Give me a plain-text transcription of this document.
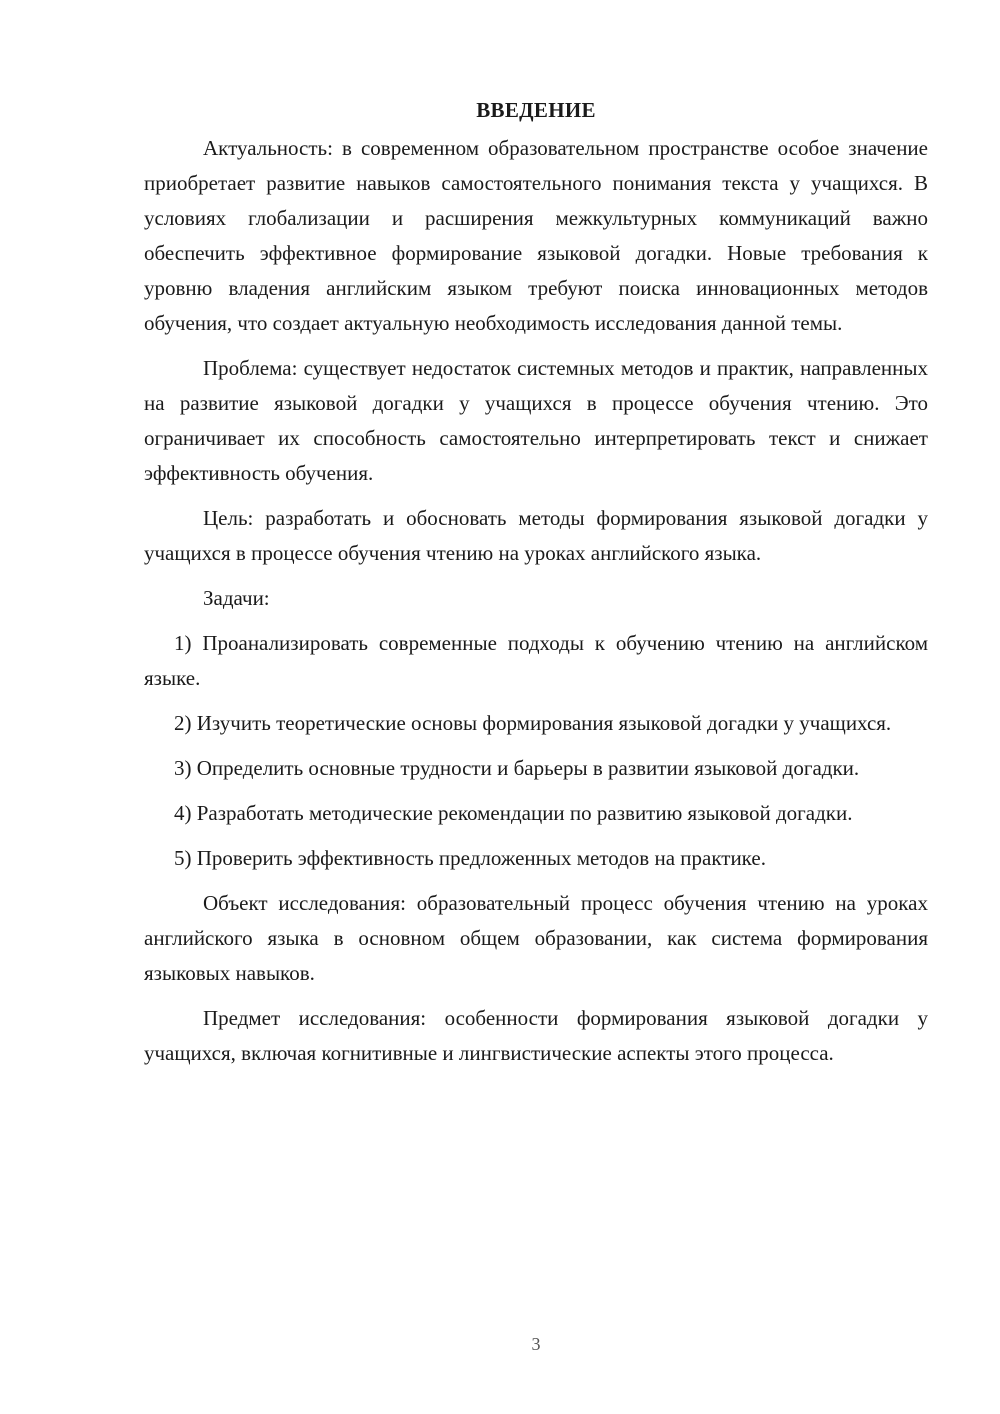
ВВЕДЕНИЕ

Актуальность: в современном образовательном пространстве особое значение приобретает развитие навыков самостоятельного понимания текста у учащихся. В условиях глобализации и расширения межкультурных коммуникаций важно обеспечить эффективное формирование языковой догадки. Новые требования к уровню владения английским языком требуют поиска инновационных методов обучения, что создает актуальную необходимость исследования данной темы.

Проблема: существует недостаток системных методов и практик, направленных на развитие языковой догадки у учащихся в процессе обучения чтению. Это ограничивает их способность самостоятельно интерпретировать текст и снижает эффективность обучения.

Цель: разработать и обосновать методы формирования языковой догадки у учащихся в процессе обучения чтению на уроках английского языка.

Задачи:

1) Проанализировать современные подходы к обучению чтению на английском языке.

2) Изучить теоретические основы формирования языковой догадки у учащихся.

3) Определить основные трудности и барьеры в развитии языковой догадки.

4) Разработать методические рекомендации по развитию языковой догадки.

5) Проверить эффективность предложенных методов на практике.

Объект исследования: образовательный процесс обучения чтению на уроках английского языка в основном общем образовании, как система формирования языковых навыков.

Предмет исследования: особенности формирования языковой догадки у учащихся, включая когнитивные и лингвистические аспекты этого процесса.

3
